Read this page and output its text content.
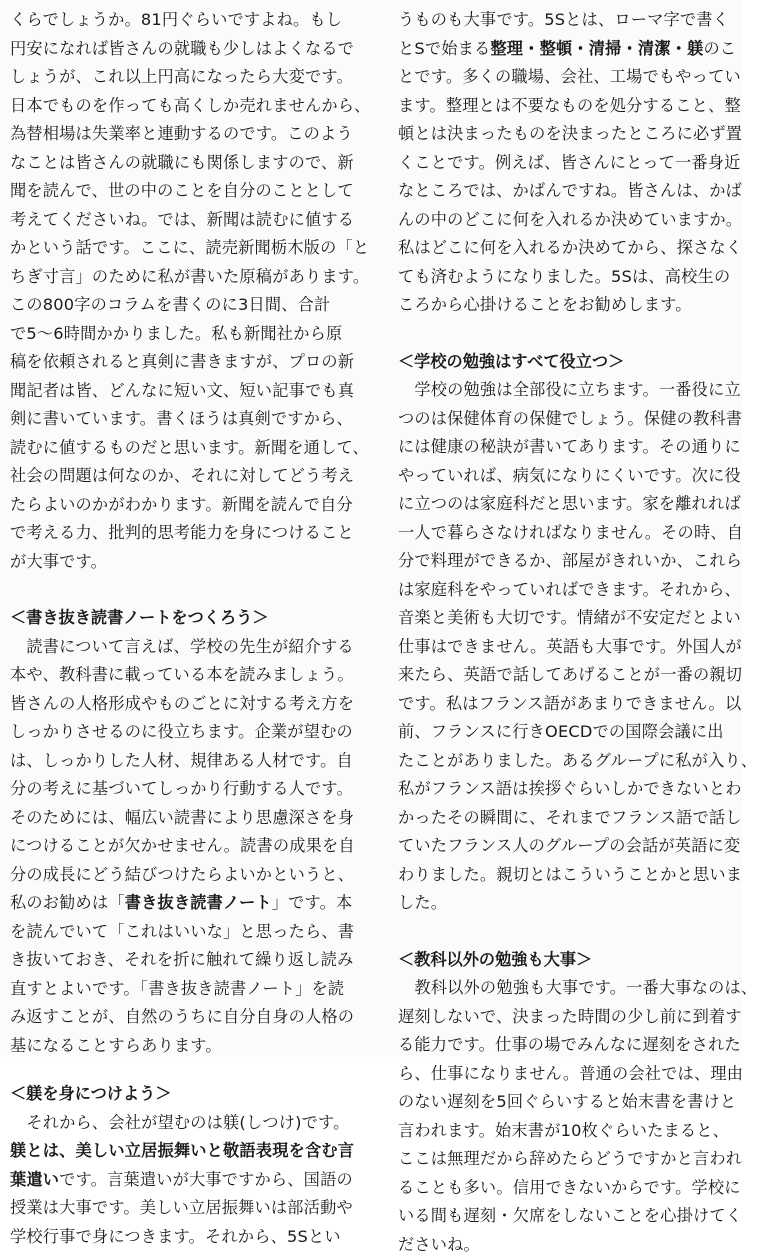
くらでしょうか。81円ぐらいですよね。もし
円安になれば皆さんの就職も少しはよくなるで
しょうが、これ以上円高になったら大変です。
日本でものを作っても高くしか売れませんから、
為替相場は失業率と連動するのです。このよう
なことは皆さんの就職にも関係しますので、新
聞を読んで、世の中のことを自分のこととして
考えてくださいね。では、新聞は読むに値する
かという話です。ここに、読売新聞栃木版の「と
ちぎ寸言」のために私が書いた原稿があります。
この800字のコラムを書くのに3日間、合計
で5～6時間かかりました。私も新聞社から原
稿を依頼されると真剣に書きますが、プロの新
聞記者は皆、どんなに短い文、短い記事でも真
剣に書いています。書くほうは真剣ですから、
読むに値するものだと思います。新聞を通して、
社会の問題は何なのか、それに対してどう考え
たらよいのかがわかります。新聞を読んで自分
で考える力、批判的思考能力を身につけること
が大事です。
＜書き抜き読書ノートをつくろう＞
　読書について言えば、学校の先生が紹介する
本や、教科書に載っている本を読みましょう。
皆さんの人格形成やものごとに対する考え方を
しっかりさせるのに役立ちます。企業が望むの
は、しっかりした人材、規律ある人材です。自
分の考えに基づいてしっかり行動する人です。
そのためには、幅広い読書により思慮深さを身
につけることが欠かせません。読書の成果を自
分の成長にどう結びつけたらよいかというと、
私のお勧めは「書き抜き読書ノート」です。本
を読んでいて「これはいいな」と思ったら、書
き抜いておき、それを折に触れて繰り返し読み
直すとよいです。「書き抜き読書ノート」を読
み返すことが、自然のうちに自分自身の人格の
基になることすらあります。
＜躾を身につけよう＞
　それから、会社が望むのは躾(しつけ)です。
躾とは、美しい立居振舞いと敬語表現を含む言
葉遣いです。言葉遣いが大事ですから、国語の
授業は大事です。美しい立居振舞いは部活動や
学校行事で身につきます。それから、5Sとい
うものも大事です。5Sとは、ローマ字で書く
とSで始まる整理・整頓・清掃・清潔・躾のこ
とです。多くの職場、会社、工場でもやってい
ます。整理とは不要なものを処分すること、整
頓とは決まったものを決まったところに必ず置
くことです。例えば、皆さんにとって一番身近
なところでは、かばんですね。皆さんは、かば
んの中のどこに何を入れるか決めていますか。
私はどこに何を入れるか決めてから、探さなく
ても済むようになりました。5Sは、高校生の
ころから心掛けることをお勧めします。
＜学校の勉強はすべて役立つ＞
　学校の勉強は全部役に立ちます。一番役に立
つのは保健体育の保健でしょう。保健の教科書
には健康の秘訣が書いてあります。その通りに
やっていれば、病気になりにくいです。次に役
に立つのは家庭科だと思います。家を離れれば
一人で暮らさなければなりません。その時、自
分で料理ができるか、部屋がきれいか、これら
は家庭科をやっていればできます。それから、
音楽と美術も大切です。情緒が不安定だとよい
仕事はできません。英語も大事です。外国人が
来たら、英語で話してあげることが一番の親切
です。私はフランス語があまりできません。以
前、フランスに行きOECDでの国際会議に出
たことがありました。あるグループに私が入り、
私がフランス語は挨拶ぐらいしかできないとわ
かったその瞬間に、それまでフランス語で話し
ていたフランス人のグループの会話が英語に変
わりました。親切とはこういうことかと思いま
した。
＜教科以外の勉強も大事＞
　教科以外の勉強も大事です。一番大事なのは、
遅刻しないで、決まった時間の少し前に到着す
る能力です。仕事の場でみんなに遅刻をされた
ら、仕事になりません。普通の会社では、理由
のない遅刻を5回ぐらいすると始末書を書けと
言われます。始末書が10枚ぐらいたまると、
ここは無理だから辞めたらどうですかと言われ
ることも多い。信用できないからです。学校に
いる間も遅刻・欠席をしないことを心掛けてく
ださいね。
